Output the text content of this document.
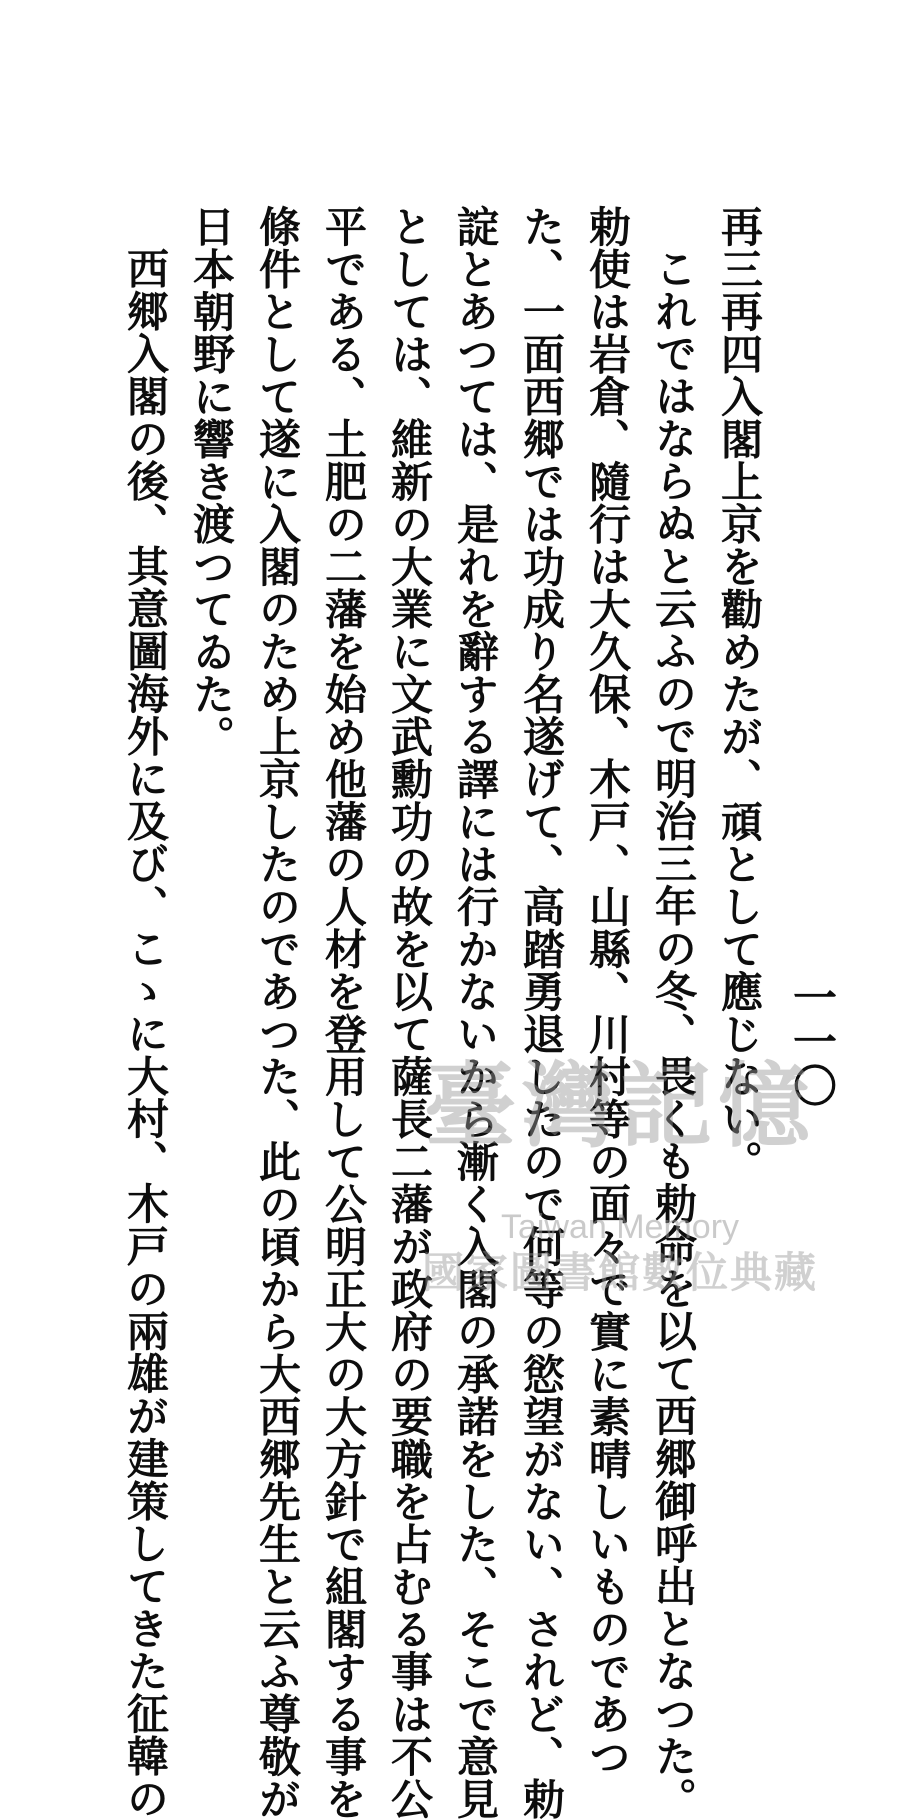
一一〇
再三再四入閣上京を勸めたが、頑として應じない。
これではならぬと云ふので明治三年の冬、畏くも勅命を以て西郷御呼出となつた。
勅使は岩倉、隨行は大久保、木戸、山縣、川村等の面々で實に素晴しいものであつ
た、一面西郷では功成り名遂げて、高踏勇退したので何等の慾望がない、されど、勅
諚とあつては、是れを辭する譯には行かないから漸く入閣の承諾をした、そこで意見
としては、維新の大業に文武勳功の故を以て薩長二藩が政府の要職を占むる事は不公
平である、土肥の二藩を始め他藩の人材を登用して公明正大の大方針で組閣する事を
條件として遂に入閣のため上京したのであつた、此の頃から大西郷先生と云ふ尊敬が
日本朝野に響き渡つてゐた。
西郷入閣の後、其意圖海外に及び、こゝに大村、木戸の兩雄が建策してきた征韓の	臺灣記憶
Taiwan Memory
國家圖書館數位典藏
